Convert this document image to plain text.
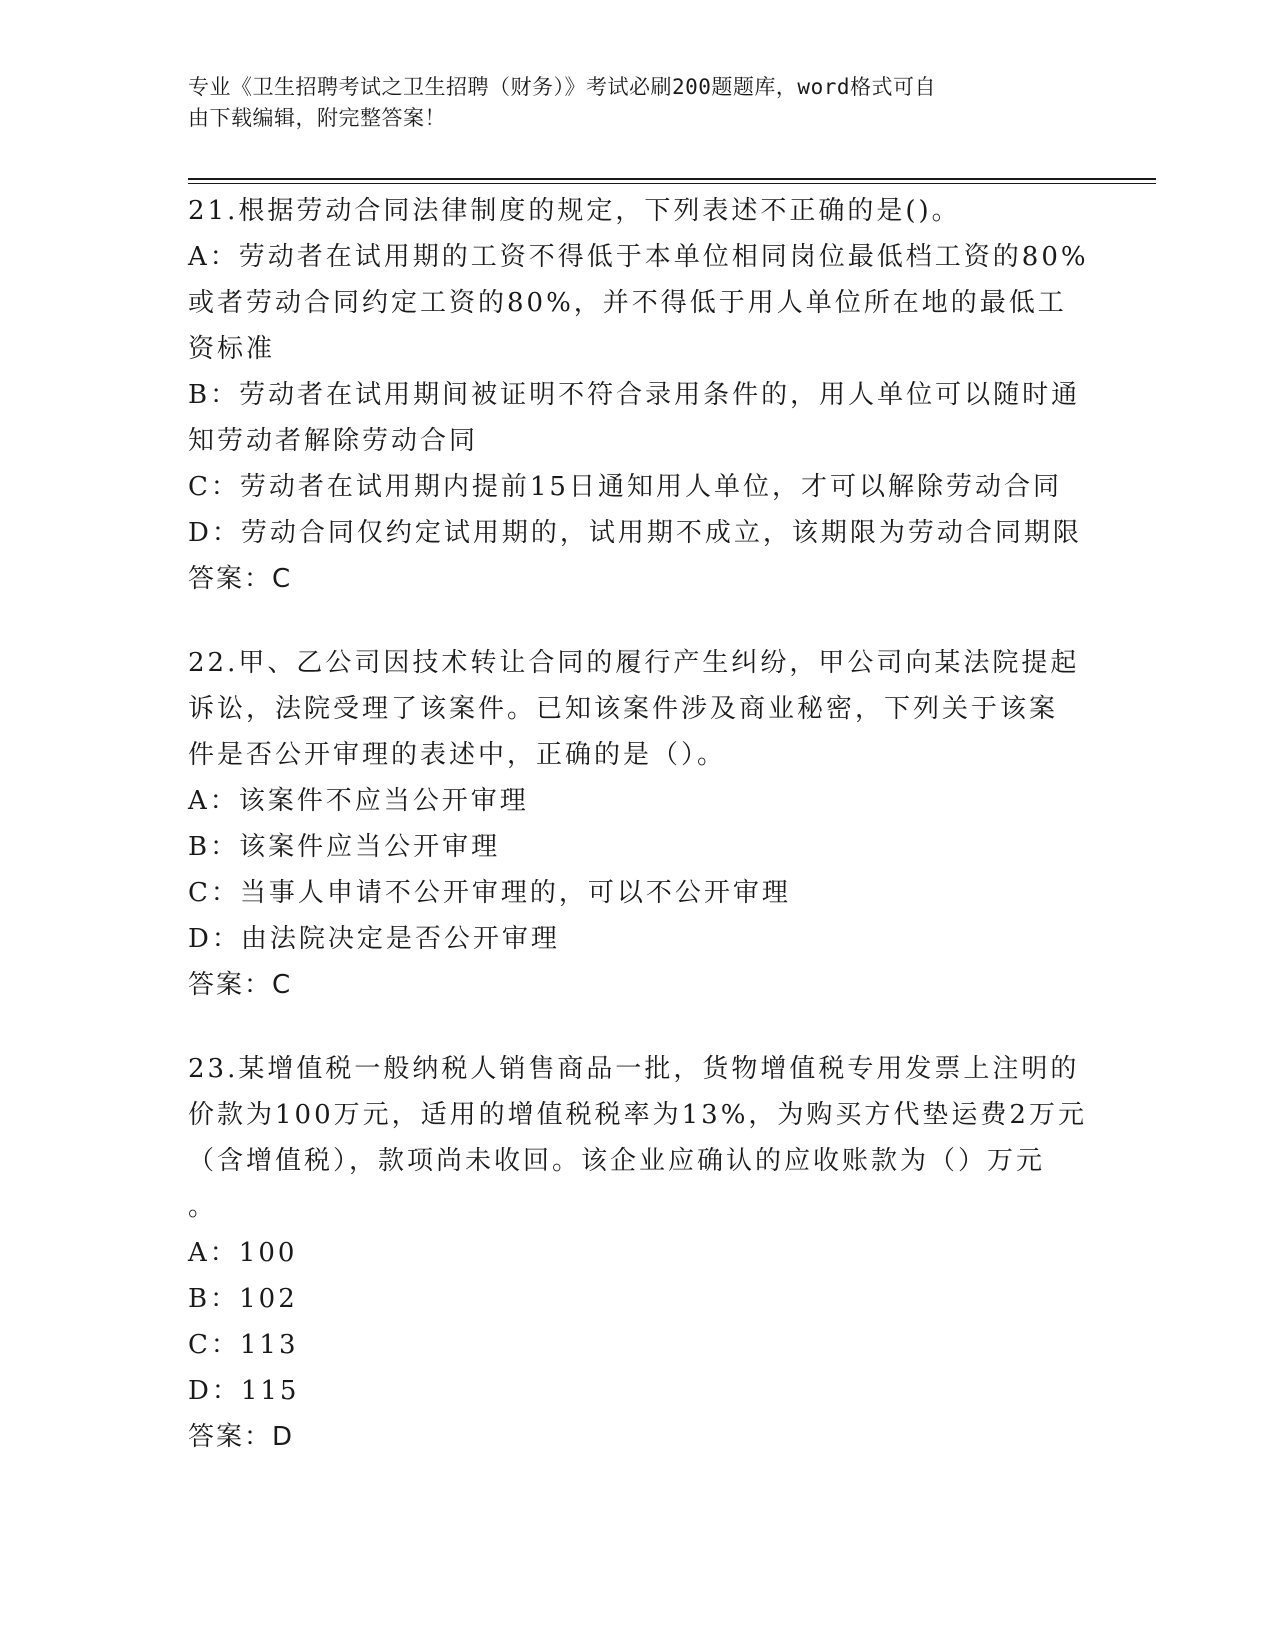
专业《卫生招聘考试之卫生招聘（财务）》考试必刷200题题库，word格式可自
由下载编辑，附完整答案！
21.根据劳动合同法律制度的规定，下列表述不正确的是()。
A：劳动者在试用期的工资不得低于本单位相同岗位最低档工资的80%
或者劳动合同约定工资的80%，并不得低于用人单位所在地的最低工
资标准
B：劳动者在试用期间被证明不符合录用条件的，用人单位可以随时通
知劳动者解除劳动合同
C：劳动者在试用期内提前15日通知用人单位，才可以解除劳动合同
D：劳动合同仅约定试用期的，试用期不成立，该期限为劳动合同期限
答案：C
22.甲、乙公司因技术转让合同的履行产生纠纷，甲公司向某法院提起
诉讼，法院受理了该案件。已知该案件涉及商业秘密，下列关于该案
件是否公开审理的表述中，正确的是（）。
A：该案件不应当公开审理
B：该案件应当公开审理
C：当事人申请不公开审理的，可以不公开审理
D：由法院决定是否公开审理
答案：C
23.某增值税一般纳税人销售商品一批，货物增值税专用发票上注明的
价款为100万元，适用的增值税税率为13%，为购买方代垫运费2万元
（含增值税），款项尚未收回。该企业应确认的应收账款为（）万元
。
A：100
B：102
C：113
D：115
答案：D
